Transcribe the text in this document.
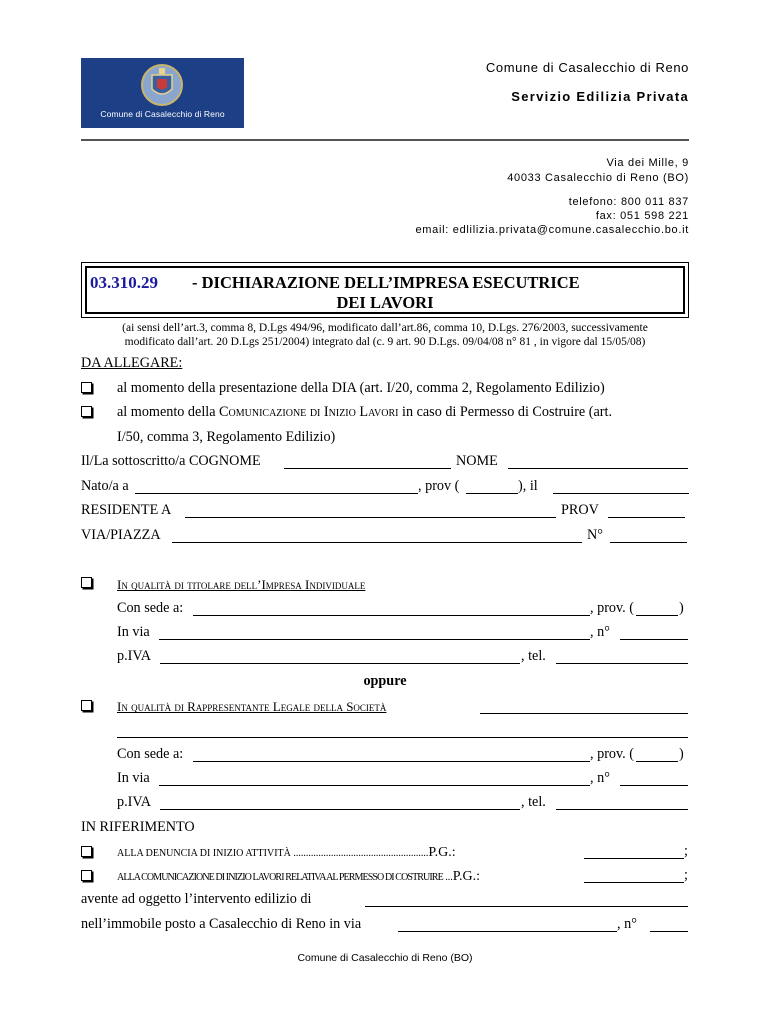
Comune di Casalecchio di Reno
Comune di Casalecchio di Reno
Servizio Edilizia Privata
Via dei Mille, 9
40033 Casalecchio di Reno (BO)
telefono: 800 011 837
fax: 051 598 221
email: edlilizia.privata@comune.casalecchio.bo.it
03.310.29 - DICHIARAZIONE DELL’IMPRESA ESECUTRICE
DEI LAVORI
(ai sensi dell’art.3, comma 8, D.Lgs 494/96, modificato dall’art.86, comma 10, D.Lgs. 276/2003, successivamente
modificato dall’art. 20 D.Lgs 251/2004) integrato dal (c. 9 art. 90 D.Lgs. 09/04/08 n° 81 , in vigore dal 15/05/08)
DA ALLEGARE:
al momento della presentazione della DIA (art. I/20, comma 2, Regolamento Edilizio)
al momento della Comunicazione di Inizio Lavori in caso di Permesso di Costruire (art.
I/50, comma 3, Regolamento Edilizio)
Il/La sottoscritto/a COGNOME	NOME
Nato/a a	, prov (	), il
RESIDENTE A	PROV
VIA/PIAZZA	N°
In qualità di titolare dell’Impresa Individuale
Con sede a:	, prov. (	)
In via	, n°
p.IVA	, tel.
oppure
In qualità di Rappresentante Legale della Società
Con sede a:	, prov. (	)
In via	, n°
p.IVA	, tel.
IN RIFERIMENTO
ALLA DENUNCIA DI INIZIO ATTIVITÀ ......................................................P.G.:	;
ALLA COMUNICAZIONE DI INIZIO LAVORI RELATIVA AL PERMESSO DI COSTRUIRE ...P.G.:	;
avente ad oggetto l’intervento edilizio di
nell’immobile posto a Casalecchio di Reno in via	, n°
Comune di Casalecchio di Reno (BO)
